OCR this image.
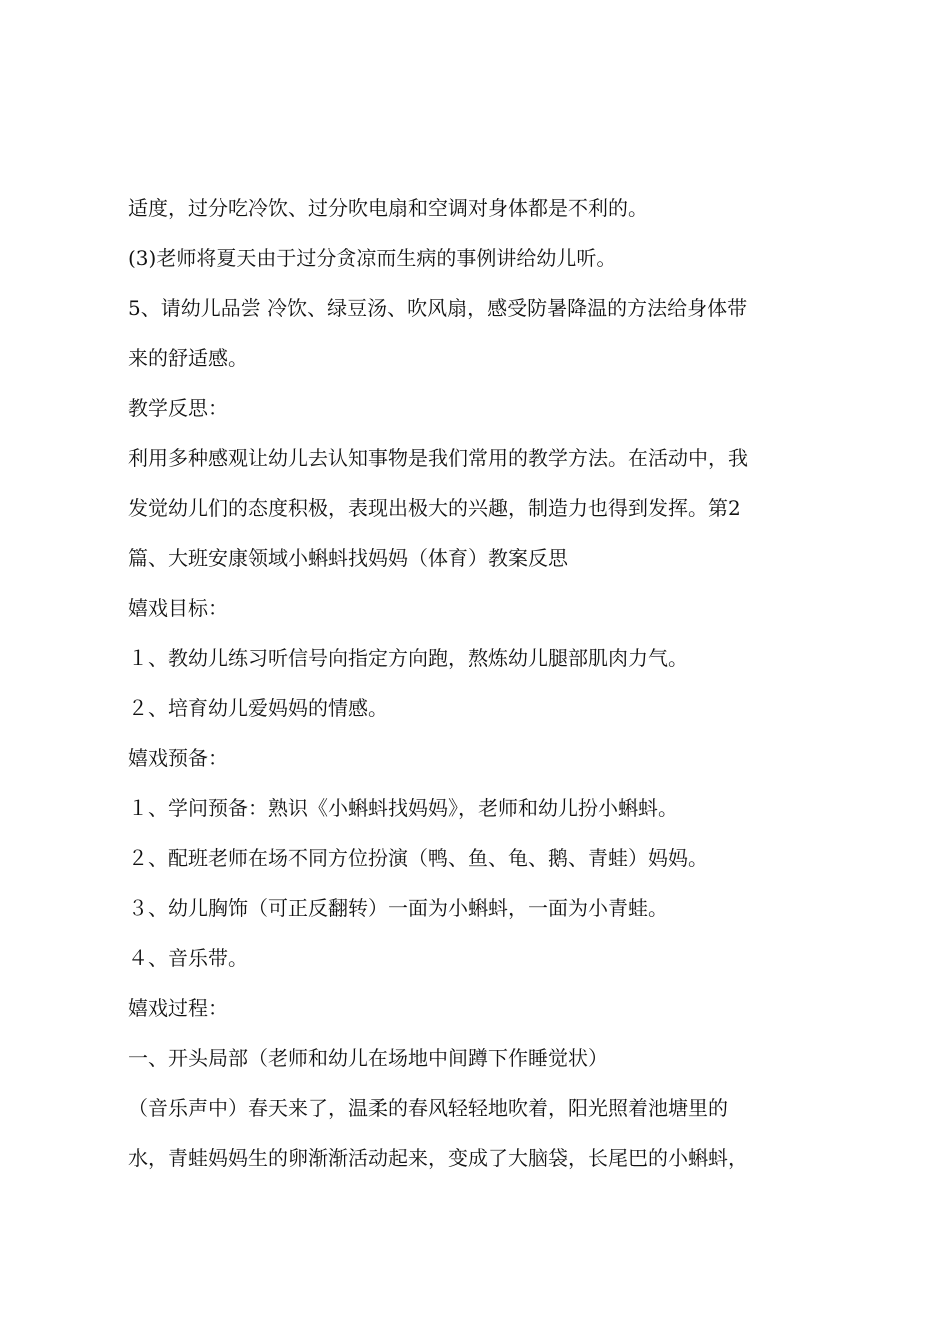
适度，过分吃冷饮、过分吹电扇和空调对身体都是不利的。
(3)老师将夏天由于过分贪凉而生病的事例讲给幼儿听。
5、请幼儿品尝 冷饮、绿豆汤、吹风扇，感受防暑降温的方法给身体带
来的舒适感。
教学反思：
利用多种感观让幼儿去认知事物是我们常用的教学方法。在活动中，我
发觉幼儿们的态度积极，表现出极大的兴趣，制造力也得到发挥。第2
篇、大班安康领域小蝌蚪找妈妈（体育）教案反思
嬉戏目标：
１、教幼儿练习听信号向指定方向跑，熬炼幼儿腿部肌肉力气。
２、培育幼儿爱妈妈的情感。
嬉戏预备：
１、学问预备：熟识《小蝌蚪找妈妈》，老师和幼儿扮小蝌蚪。
２、配班老师在场不同方位扮演（鸭、鱼、龟、鹅、青蛙）妈妈。
３、幼儿胸饰（可正反翻转）一面为小蝌蚪，一面为小青蛙。
４、音乐带。
嬉戏过程：
一、开头局部（老师和幼儿在场地中间蹲下作睡觉状）
（音乐声中）春天来了，温柔的春风轻轻地吹着，阳光照着池塘里的
水，青蛙妈妈生的卵渐渐活动起来，变成了大脑袋，长尾巴的小蝌蚪，
